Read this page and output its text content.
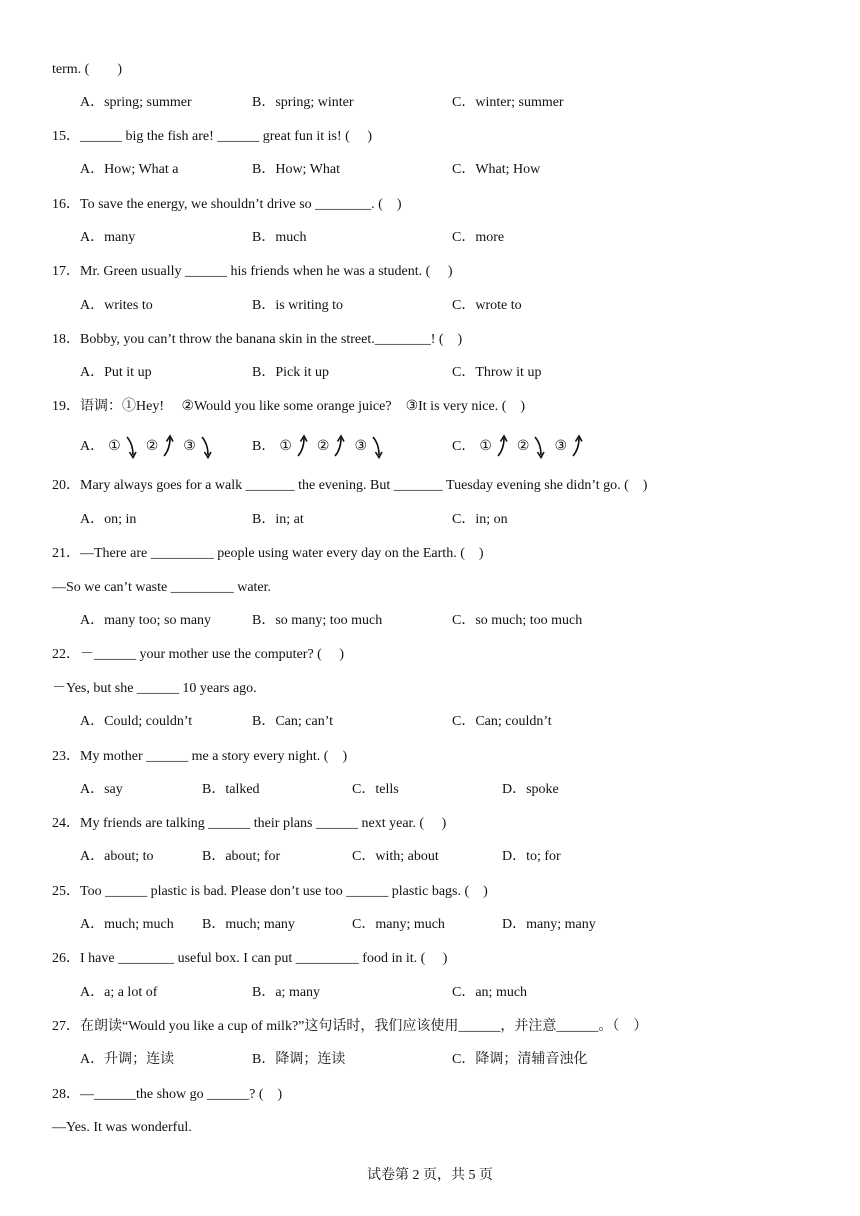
term. (  )
A．spring; summer	B．spring; winter	C．winter; summer
15．______ big the fish are! ______ great fun it is! (  )
A．How; What a	B．How; What	C．What; How
16．To save the energy, we shouldn’t drive so ________. ( )
A．many	B．much	C．more
17．Mr. Green usually ______ his friends when he was a student. (  )
A．writes to	B．is writing to	C．wrote to
18．Bobby, you can’t throw the banana skin in the street.________! ( )
A．Put it up	B．Pick it up	C．Throw it up
19．语调：①Hey!  ②Would you like some orange juice? ③It is very nice. ( )
A． ① ② ③	B． ① ② ③	C． ① ② ③
20．Mary always goes for a walk _______ the evening. But _______ Tuesday evening she didn’t go. ( )
A．on; in	B．in; at	C．in; on
21．—There are _________ people using water every day on the Earth. ( )
—So we can’t waste _________ water.
A．many too; so many	B．so many; too much	C．so much; too much
22．－______ your mother use the computer? (  )
－Yes, but she ______ 10 years ago.
A．Could; couldn’t	B．Can; can’t	C．Can; couldn’t
23．My mother ______ me a story every night. ( )
A．say	B．talked	C．tells	D．spoke
24．My friends are talking ______ their plans ______ next year. (  )
A．about; to	B．about; for	C．with; about	D．to; for
25．Too ______ plastic is bad. Please don’t use too ______ plastic bags. ( )
A．much; much B．much; many	C．many; much	D．many; many
26．I have ________ useful box. I can put _________ food in it. (  )
A．a; a lot of	B．a; many	C．an; much
27．在朗读“Would you like a cup of milk?”这句话时，我们应该使用______，并注意______。（ ）
A．升调；连读	B．降调；连读	C．降调；清辅音浊化
28．—______the show go ______? ( )
—Yes. It was wonderful.
试卷第 2 页，共 5 页
